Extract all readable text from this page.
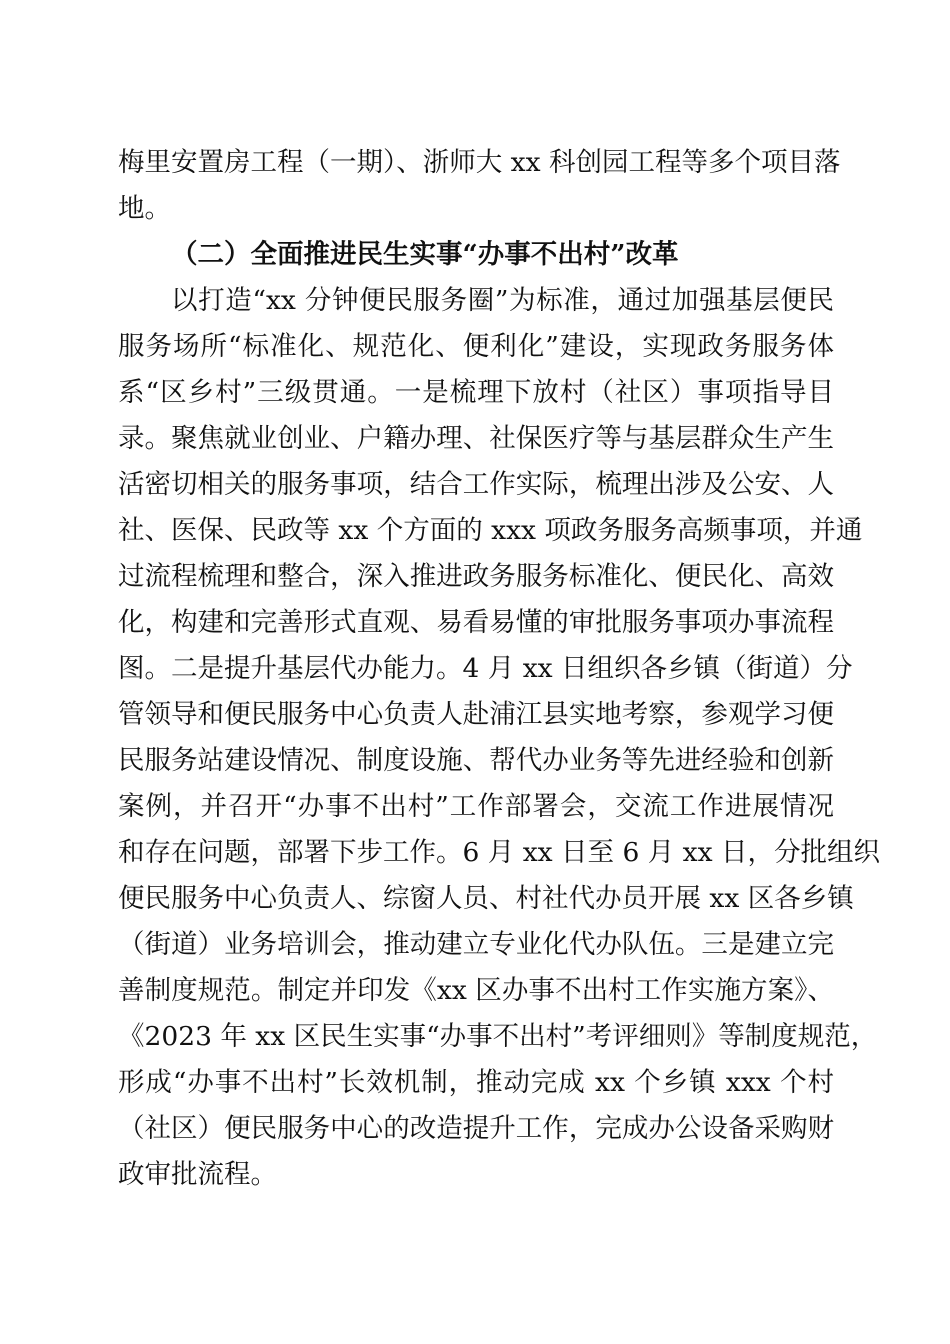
梅里安置房工程（一期）、浙师大 xx 科创园工程等多个项目落
地。
（二）全面推进民生实事“办事不出村”改革
以打造“xx 分钟便民服务圈”为标准，通过加强基层便民
服务场所“标准化、规范化、便利化”建设，实现政务服务体
系“区乡村”三级贯通。一是梳理下放村（社区）事项指导目
录。聚焦就业创业、户籍办理、社保医疗等与基层群众生产生
活密切相关的服务事项，结合工作实际，梳理出涉及公安、人
社、医保、民政等 xx 个方面的 xxx 项政务服务高频事项，并通
过流程梳理和整合，深入推进政务服务标准化、便民化、高效
化，构建和完善形式直观、易看易懂的审批服务事项办事流程
图。二是提升基层代办能力。4 月 xx 日组织各乡镇（街道）分
管领导和便民服务中心负责人赴浦江县实地考察，参观学习便
民服务站建设情况、制度设施、帮代办业务等先进经验和创新
案例，并召开“办事不出村”工作部署会，交流工作进展情况
和存在问题，部署下步工作。6 月 xx 日至 6 月 xx 日，分批组织
便民服务中心负责人、综窗人员、村社代办员开展 xx 区各乡镇
（街道）业务培训会，推动建立专业化代办队伍。三是建立完
善制度规范。制定并印发《xx 区办事不出村工作实施方案》、
《2023 年 xx 区民生实事“办事不出村”考评细则》等制度规范，
形成“办事不出村”长效机制，推动完成 xx 个乡镇 xxx 个村
（社区）便民服务中心的改造提升工作，完成办公设备采购财
政审批流程。
